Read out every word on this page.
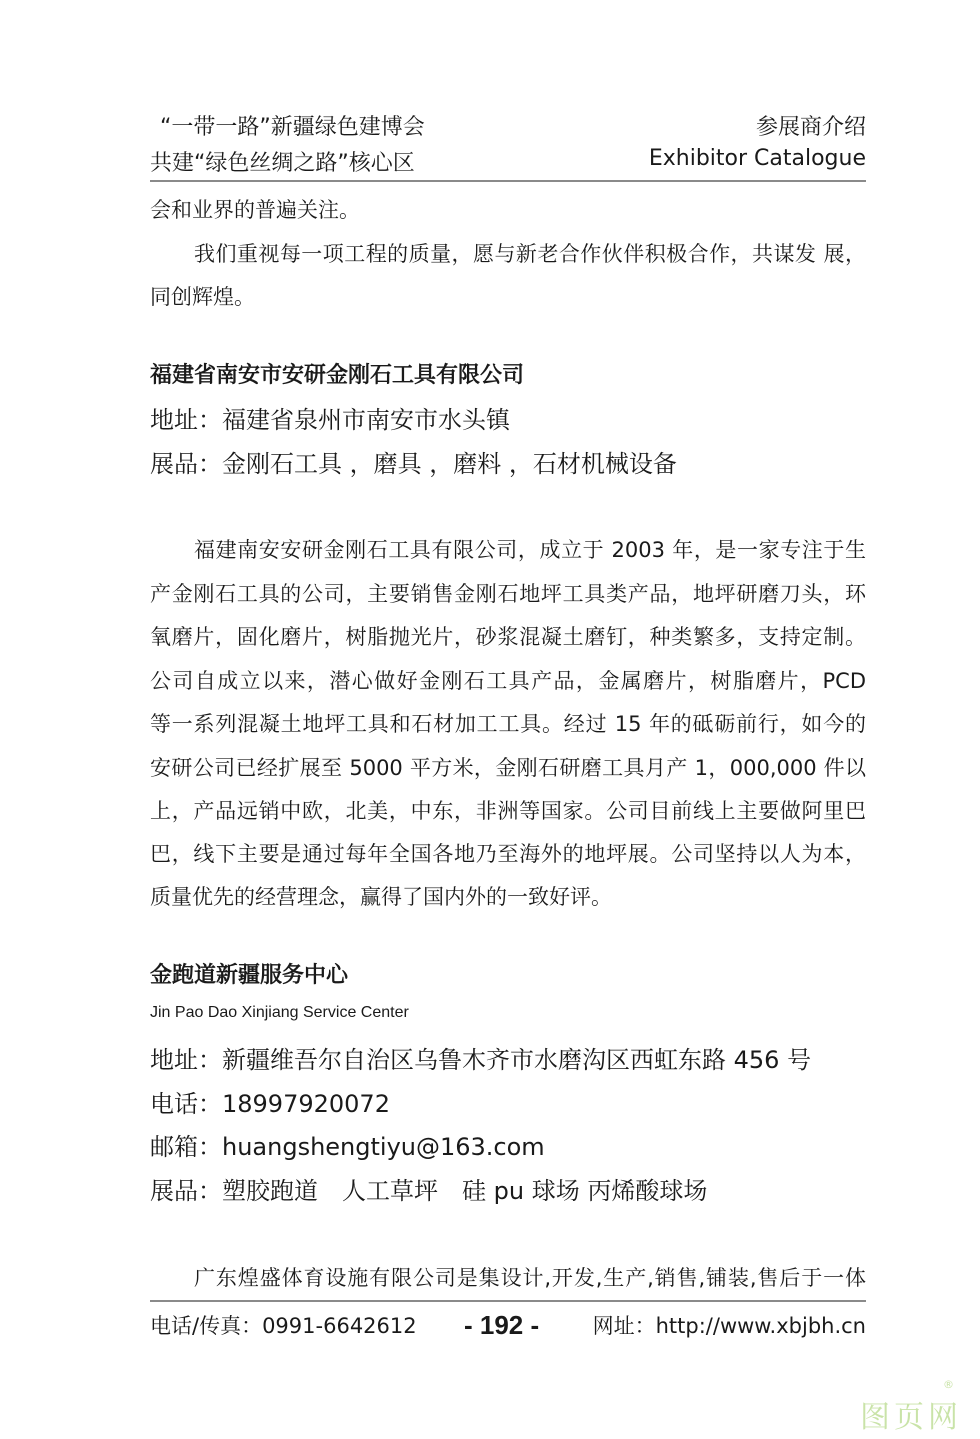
“一带一路”新疆绿色建博会
共建“绿色丝绸之路”核心区
参展商介绍
Exhibitor Catalogue
会和业界的普遍关注。
我们重视每一项工程的质量，愿与新老合作伙伴积极合作，共谋发 展，
同创辉煌。
福建省南安市安研金刚石工具有限公司
地址：福建省泉州市南安市水头镇
展品：金刚石工具 ，磨具 ，磨料 ，石材机械设备
福建南安安研金刚石工具有限公司，成立于 2003 年，是一家专注于生
产金刚石工具的公司，主要销售金刚石地坪工具类产品，地坪研磨刀头，环
氧磨片，固化磨片，树脂抛光片，砂浆混凝土磨钉，种类繁多，支持定制。
公司自成立以来，潜心做好金刚石工具产品，金属磨片，树脂磨片，PCD
等一系列混凝土地坪工具和石材加工工具。经过 15 年的砥砺前行，如今的
安研公司已经扩展至 5000 平方米，金刚石研磨工具月产 1，000,000 件以
上，产品远销中欧，北美，中东，非洲等国家。公司目前线上主要做阿里巴
巴，线下主要是通过每年全国各地乃至海外的地坪展。公司坚持以人为本，
质量优先的经营理念，赢得了国内外的一致好评。
金跑道新疆服务中心
Jin Pao Dao Xinjiang Service Center
地址：新疆维吾尔自治区乌鲁木齐市水磨沟区西虹东路 456 号
电话：18997920072
邮箱：huangshengtiyu@163.com
展品：塑胶跑道　人工草坪　硅 pu 球场 丙烯酸球场
广东煌盛体育设施有限公司是集设计,开发,生产,销售,铺装,售后于一体
电话/传真：0991-6642612 - 192 -	网址：http://www.xbjbh.cn
®
图页网
